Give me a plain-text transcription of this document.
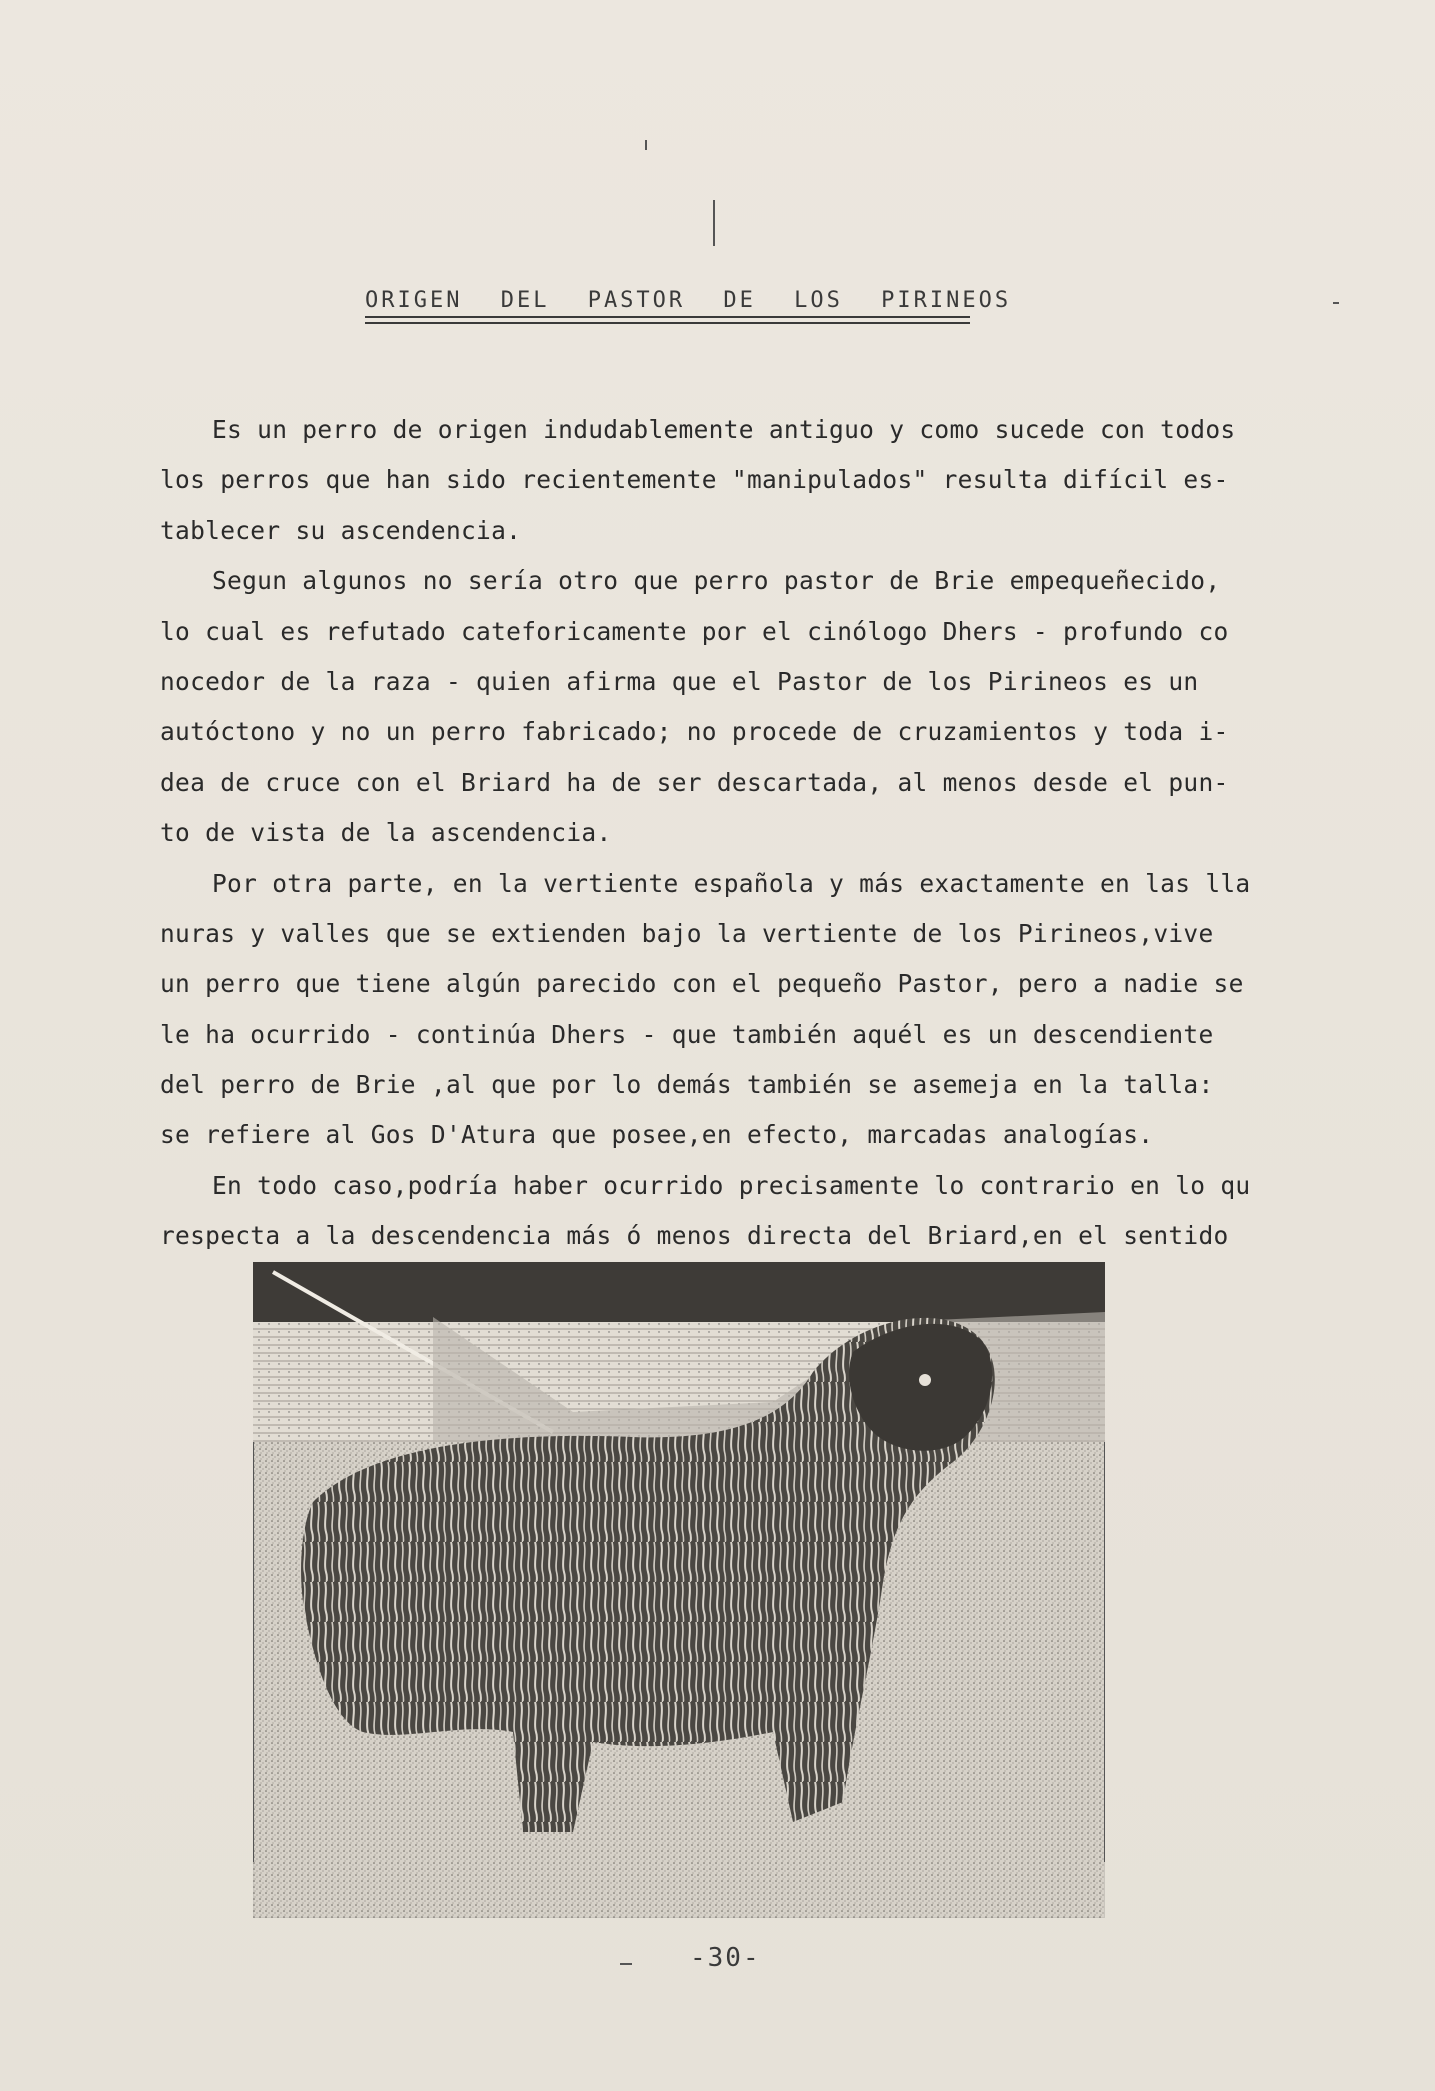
ORIGEN DEL PASTOR DE LOS PIRINEOS
Es un perro de origen indudablemente antiguo y como sucede con todos
los perros que han sido recientemente "manipulados" resulta difícil es-
tablecer su ascendencia.
Segun algunos no sería otro que perro pastor de Brie empequeñecido,
lo cual es refutado cateforicamente por el cinólogo Dhers - profundo co
nocedor de la raza - quien afirma que el Pastor de los Pirineos es un
autóctono y no un perro fabricado; no procede de cruzamientos y toda i-
dea de cruce con el Briard ha de ser descartada, al menos desde el pun-
to de vista de la ascendencia.
Por otra parte, en la vertiente española y más exactamente en las lla
nuras y valles que se extienden bajo la vertiente de los Pirineos,vive
un perro que tiene algún parecido con el pequeño Pastor, pero a nadie se
le ha ocurrido - continúa Dhers - que también aquél es un descendiente
del perro de Brie ,al que por lo demás también se asemeja en la talla:
se refiere al Gos D'Atura que posee,en efecto, marcadas analogías.
En todo caso,podría haber ocurrido precisamente lo contrario en lo qu
respecta a la descendencia más ó menos directa del Briard,en el sentido
-30-
